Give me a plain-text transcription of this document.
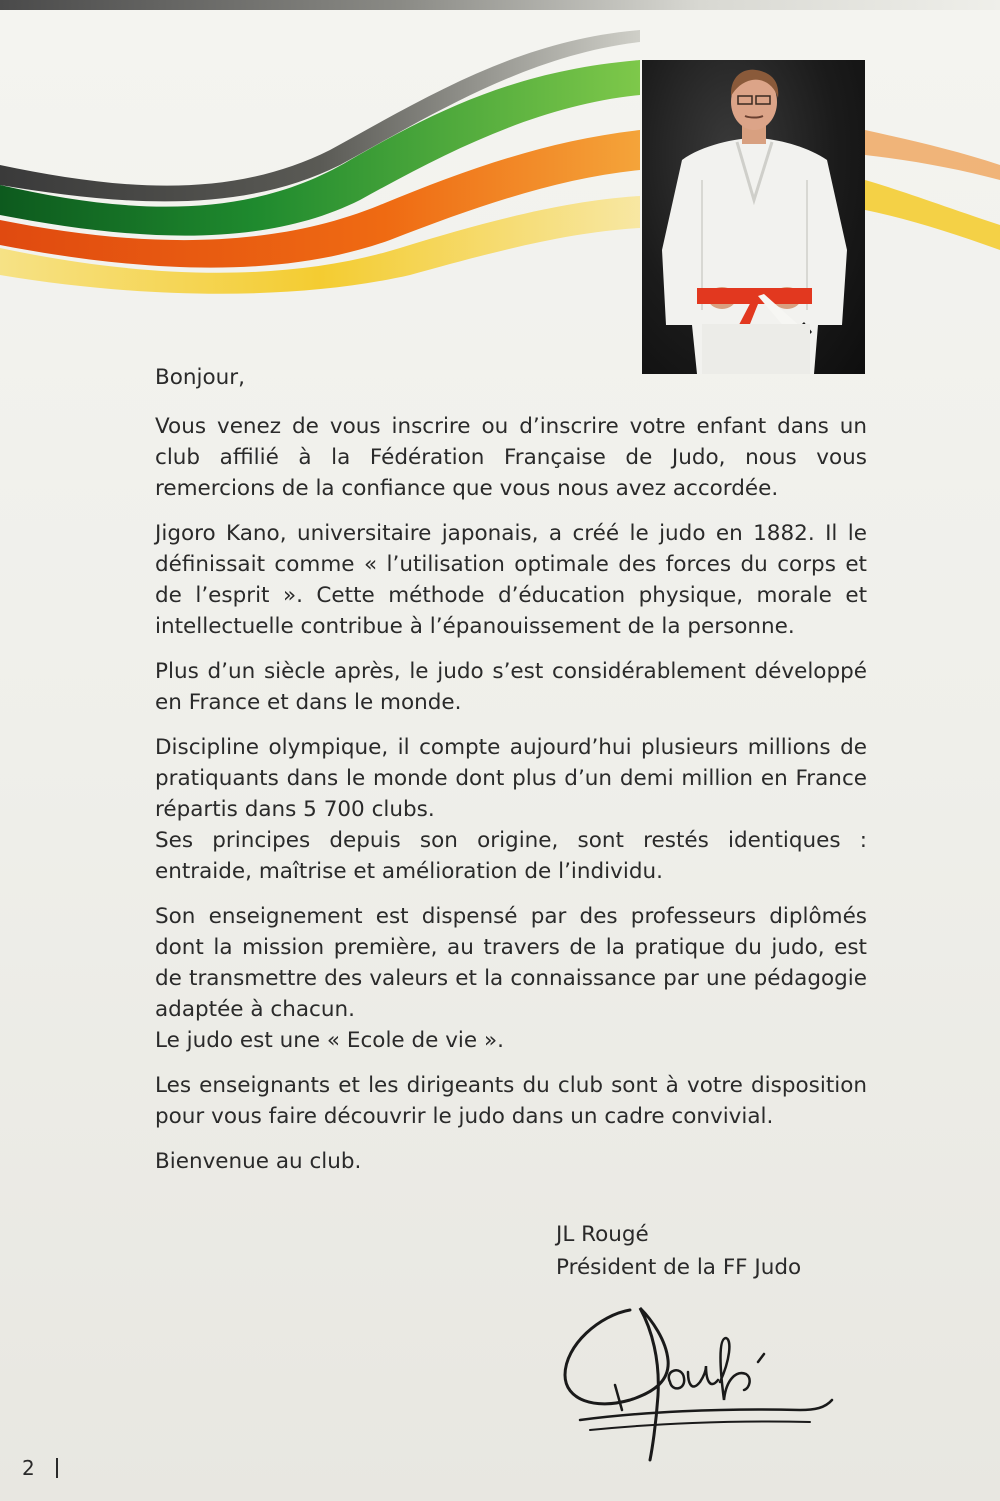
Bonjour,

Vous venez de vous inscrire ou d’inscrire votre enfant dans un club affilié à la Fédération Française de Judo, nous vous remercions de la confiance que vous nous avez accordée.

Jigoro Kano, universitaire japonais, a créé le judo en 1882. Il le définissait comme « l’utilisation optimale des forces du corps et de l’esprit ». Cette méthode d’éducation physique, morale et intellectuelle contribue à l’épanouissement de la personne.

Plus d’un siècle après, le judo s’est considérablement développé en France et dans le monde.

Discipline olympique, il compte aujourd’hui plusieurs millions de pratiquants dans le monde dont plus d’un demi million en France répartis dans 5 700 clubs.
Ses principes depuis son origine, sont restés identiques : entraide, maîtrise et amélioration de l’individu.

Son enseignement est dispensé par des professeurs diplômés dont la mission première, au travers de la pratique du judo, est de transmettre des valeurs et la connaissance par une pédagogie adaptée à chacun.
Le judo est une « Ecole de vie ».

Les enseignants et les dirigeants du club sont à votre disposition pour vous faire découvrir le judo dans un cadre convivial.

Bienvenue au club.

JL Rougé
Président de la FF Judo
2
